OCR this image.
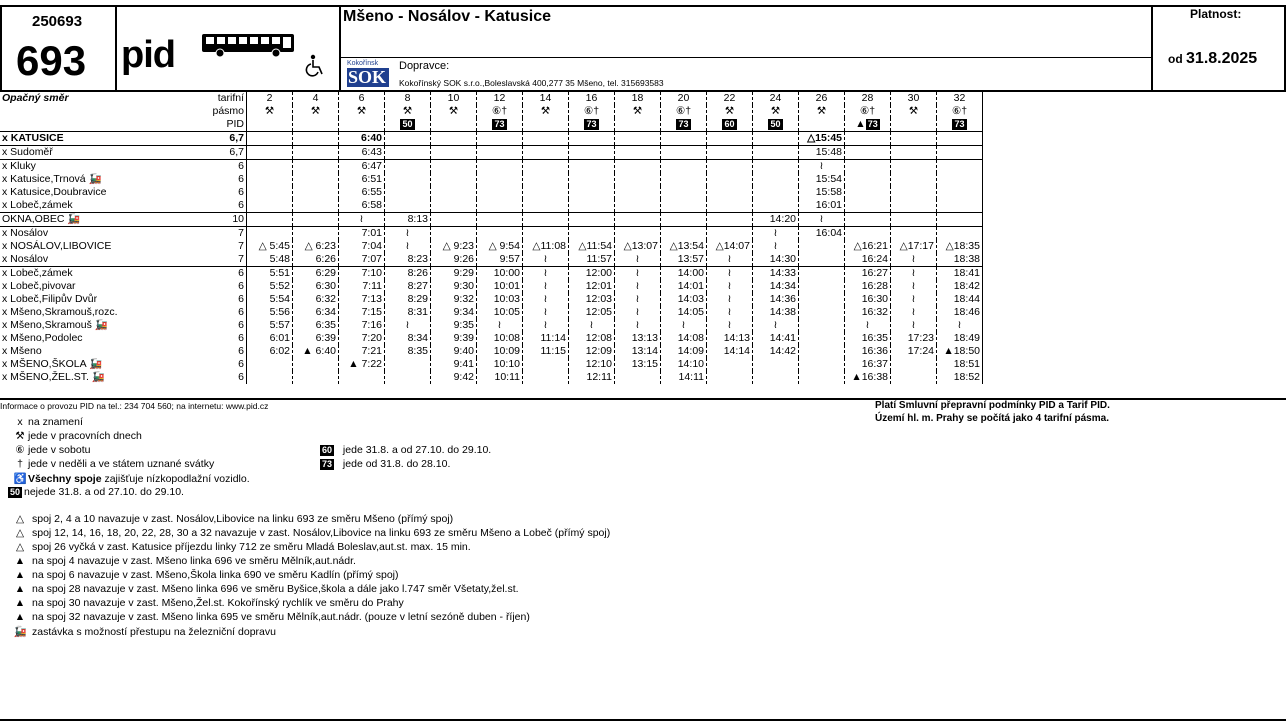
250693
693 pid
Mšeno - Nosálov - Katusice
Kokořínsk
SOK
Dopravce:
Kokořínský SOK s.r.o.,Boleslavská 400,277 35 Mšeno, tel. 315693583
Platnost:
od 31.8.2025
Opačný směr	tarifní	2	4	6	8	10	12	14	16	18	20	22	24	26	28	30	32
	pásmo	⚒	⚒	⚒	⚒	⚒	⑥†	⚒	⑥†	⚒	⑥†	⚒	⚒	⚒	⑥†	⚒	⑥†
	PID				50		73		73		73	60	50		▲ 73		73
x KATUSICE	6,7			6:40										△15:45			
x Sudoměř	6,7			6:43										15:48			
x Kluky	6			6:47										≀			
x Katusice,Trnová 🚂	6			6:51										15:54			
x Katusice,Doubravice	6			6:55										15:58			
x Lobeč,zámek	6			6:58										16:01			
OKNA,OBEC 🚂	10			≀	8:13								14:20	≀			
x Nosálov	7			7:01	≀								≀	16:04			
x NOSÁLOV,LIBOVICE	7	△ 5:45	△ 6:23	7:04	≀	△ 9:23	△ 9:54	△11:08	△11:54	△13:07	△13:54	△14:07	≀		△16:21	△17:17	△18:35
x Nosálov	7	5:48	6:26	7:07	8:23	9:26	9:57	≀	11:57	≀	13:57	≀	14:30		16:24	≀	18:38
x Lobeč,zámek	6	5:51	6:29	7:10	8:26	9:29	10:00	≀	12:00	≀	14:00	≀	14:33		16:27	≀	18:41
x Lobeč,pivovar	6	5:52	6:30	7:11	8:27	9:30	10:01	≀	12:01	≀	14:01	≀	14:34		16:28	≀	18:42
x Lobeč,Filipův Dvůr	6	5:54	6:32	7:13	8:29	9:32	10:03	≀	12:03	≀	14:03	≀	14:36		16:30	≀	18:44
x Mšeno,Skramouš,rozc.	6	5:56	6:34	7:15	8:31	9:34	10:05	≀	12:05	≀	14:05	≀	14:38		16:32	≀	18:46
x Mšeno,Skramouš 🚂	6	5:57	6:35	7:16	≀	9:35	≀	≀	≀	≀	≀	≀	≀		≀	≀	≀
x Mšeno,Podolec	6	6:01	6:39	7:20	8:34	9:39	10:08	11:14	12:08	13:13	14:08	14:13	14:41		16:35	17:23	18:49
x Mšeno	6	6:02	▲ 6:40	7:21	8:35	9:40	10:09	11:15	12:09	13:14	14:09	14:14	14:42		16:36	17:24	▲18:50
x MŠENO,ŠKOLA 🚂	6			▲ 7:22		9:41	10:10		12:10	13:15	14:10				16:37		18:51
x MŠENO,ŽEL.ST. 🚂	6					9:42	10:11		12:11		14:11				▲16:38		18:52
Informace o provozu PID na tel.: 234 704 560; na internetu: www.pid.cz	Platí Smluvní přepravní podmínky PID a Tarif PID.
Území hl. m. Prahy se počítá jako 4 tarifní pásma.
x na znamení
⚒ jede v pracovních dnech
⑥ jede v sobotu
† jede v neděli a ve státem uznané svátky
♿Všechny spoje zajišťuje nízkopodlažní vozidlo.
50 nejede 31.8. a od 27.10. do 29.10.
60 jede 31.8. a od 27.10. do 29.10.
73 jede od 31.8. do 28.10.
△ spoj 2, 4 a 10 navazuje v zast. Nosálov,Libovice na linku 693 ze směru Mšeno (přímý spoj)
△ spoj 12, 14, 16, 18, 20, 22, 28, 30 a 32 navazuje v zast. Nosálov,Libovice na linku 693 ze směru Mšeno a Lobeč (přímý spoj)
△ spoj 26 vyčká v zast. Katusice příjezdu linky 712 ze směru Mladá Boleslav,aut.st. max. 15 min.
▲ na spoj 4 navazuje v zast. Mšeno linka 696 ve směru Mělník,aut.nádr.
▲ na spoj 6 navazuje v zast. Mšeno,Škola linka 690 ve směru Kadlín (přímý spoj)
▲ na spoj 28 navazuje v zast. Mšeno linka 696 ve směru Byšice,škola a dále jako l.747 směr Všetaty,žel.st.
▲ na spoj 30 navazuje v zast. Mšeno,Žel.st. Kokořínský rychlík ve směru do Prahy
▲ na spoj 32 navazuje v zast. Mšeno linka 695 ve směru Mělník,aut.nádr. (pouze v letní sezóně duben - říjen)
🚂 zastávka s možností přestupu na železniční dopravu
